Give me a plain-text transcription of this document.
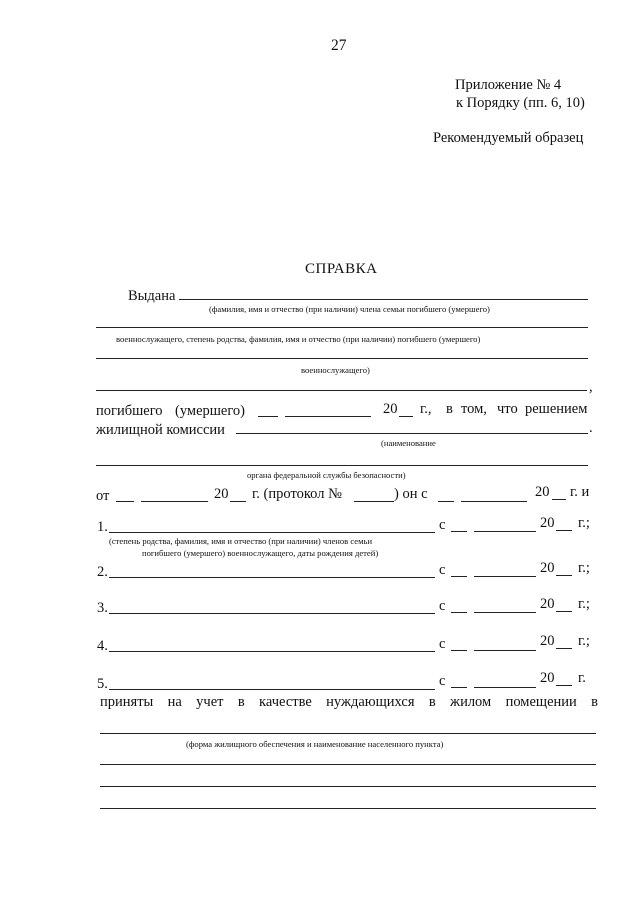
27
Приложение № 4
к Порядку (пп. 6, 10)
Рекомендуемый образец
СПРАВКА
Выдана
(фамилия, имя и отчество (при наличии) члена семьи погибшего (умершего)
военнослужащего, степень родства, фамилия, имя и отчество (при наличии) погибшего (умершего)
военнослужащего)
,
погибшего (умершего)	20 г., в том, что решением
жилищной комиссии	.
(наименование
органа федеральной службы безопасности)
от	20 г. (протокол №	) он с	20 г. и
1.	с	20 г.;
(степень родства, фамилия, имя и отчество (при наличии) членов семьи
погибшего (умершего) военнослужащего, даты рождения детей)
2.	с	20 г.;
3.	с	20 г.;
4.	с	20 г.;
5.	с	20 г.
приняты на учет в качестве нуждающихся в жилом помещении в
(форма жилищного обеспечения и наименование населенного пункта)
